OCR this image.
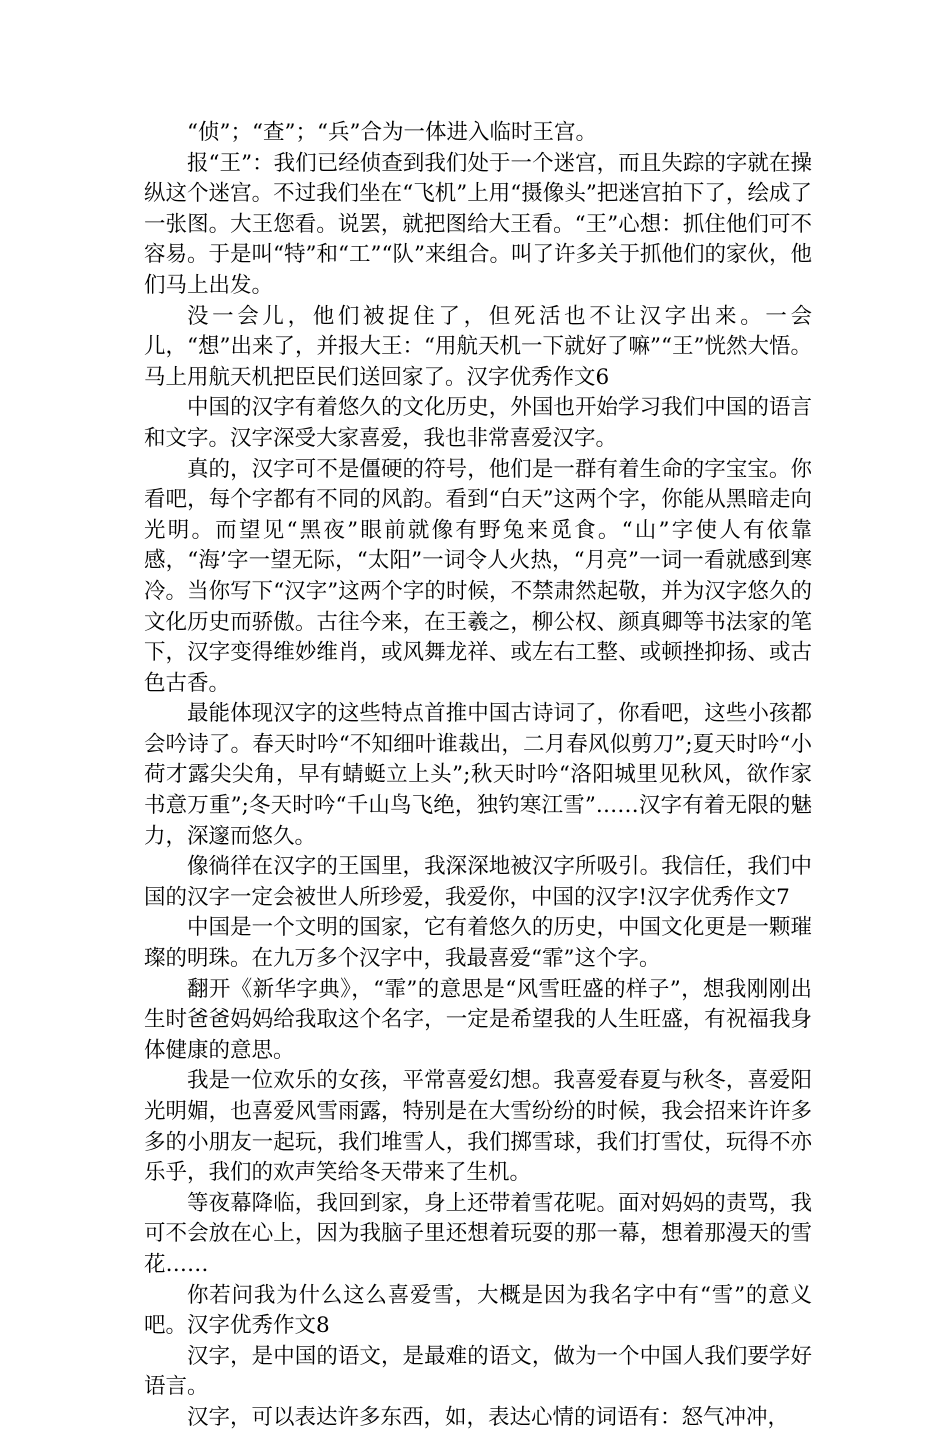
“侦”；“查”；“兵”合为一体进入临时王宫。

报“王”：我们已经侦查到我们处于一个迷宫，而且失踪的字就在操纵这个迷宫。不过我们坐在“飞机”上用“摄像头”把迷宫拍下了，绘成了一张图。大王您看。说罢，就把图给大王看。“王”心想：抓住他们可不容易。于是叫“特”和“工”“队”来组合。叫了许多关于抓他们的家伙，他们马上出发。

没一会儿，他们被捉住了，但死活也不让汉字出来。一会儿，“想”出来了，并报大王：“用航天机一下就好了嘛”“王”恍然大悟。马上用航天机把臣民们送回家了。汉字优秀作文6

中国的汉字有着悠久的文化历史，外国也开始学习我们中国的语言和文字。汉字深受大家喜爱，我也非常喜爱汉字。

真的，汉字可不是僵硬的符号，他们是一群有着生命的字宝宝。你看吧，每个字都有不同的风韵。看到“白天”这两个字，你能从黑暗走向光明。而望见“黑夜”眼前就像有野兔来觅食。“山”字使人有依靠感，“海’字一望无际，“太阳”一词令人火热，“月亮”一词一看就感到寒冷。当你写下“汉字”这两个字的时候，不禁肃然起敬，并为汉字悠久的文化历史而骄傲。古往今来，在王羲之，柳公权、颜真卿等书法家的笔下，汉字变得维妙维肖，或风舞龙祥、或左右工整、或顿挫抑扬、或古色古香。

最能体现汉字的这些特点首推中国古诗词了，你看吧，这些小孩都会吟诗了。春天时吟“不知细叶谁裁出，二月春风似剪刀”;夏天时吟“小荷才露尖尖角，早有蜻蜓立上头”;秋天时吟“洛阳城里见秋风，欲作家书意万重”;冬天时吟“千山鸟飞绝，独钓寒江雪”……汉字有着无限的魅力，深邃而悠久。

像徜徉在汉字的王国里，我深深地被汉字所吸引。我信任，我们中国的汉字一定会被世人所珍爱，我爱你，中国的汉字!汉字优秀作文7

中国是一个文明的国家，它有着悠久的历史，中国文化更是一颗璀璨的明珠。在九万多个汉字中，我最喜爱“霏”这个字。

翻开《新华字典》，“霏”的意思是“风雪旺盛的样子”，想我刚刚出生时爸爸妈妈给我取这个名字，一定是希望我的人生旺盛，有祝福我身体健康的意思。

我是一位欢乐的女孩，平常喜爱幻想。我喜爱春夏与秋冬，喜爱阳光明媚，也喜爱风雪雨露，特别是在大雪纷纷的时候，我会招来许许多多的小朋友一起玩，我们堆雪人，我们掷雪球，我们打雪仗，玩得不亦乐乎，我们的欢声笑给冬天带来了生机。

等夜幕降临，我回到家，身上还带着雪花呢。面对妈妈的责骂，我可不会放在心上，因为我脑子里还想着玩耍的那一幕，想着那漫天的雪花……

你若问我为什么这么喜爱雪，大概是因为我名字中有“雪”的意义吧。汉字优秀作文8

汉字，是中国的语文，是最难的语文，做为一个中国人我们要学好语言。

汉字，可以表达许多东西，如，表达心情的词语有：怒气冲冲，
